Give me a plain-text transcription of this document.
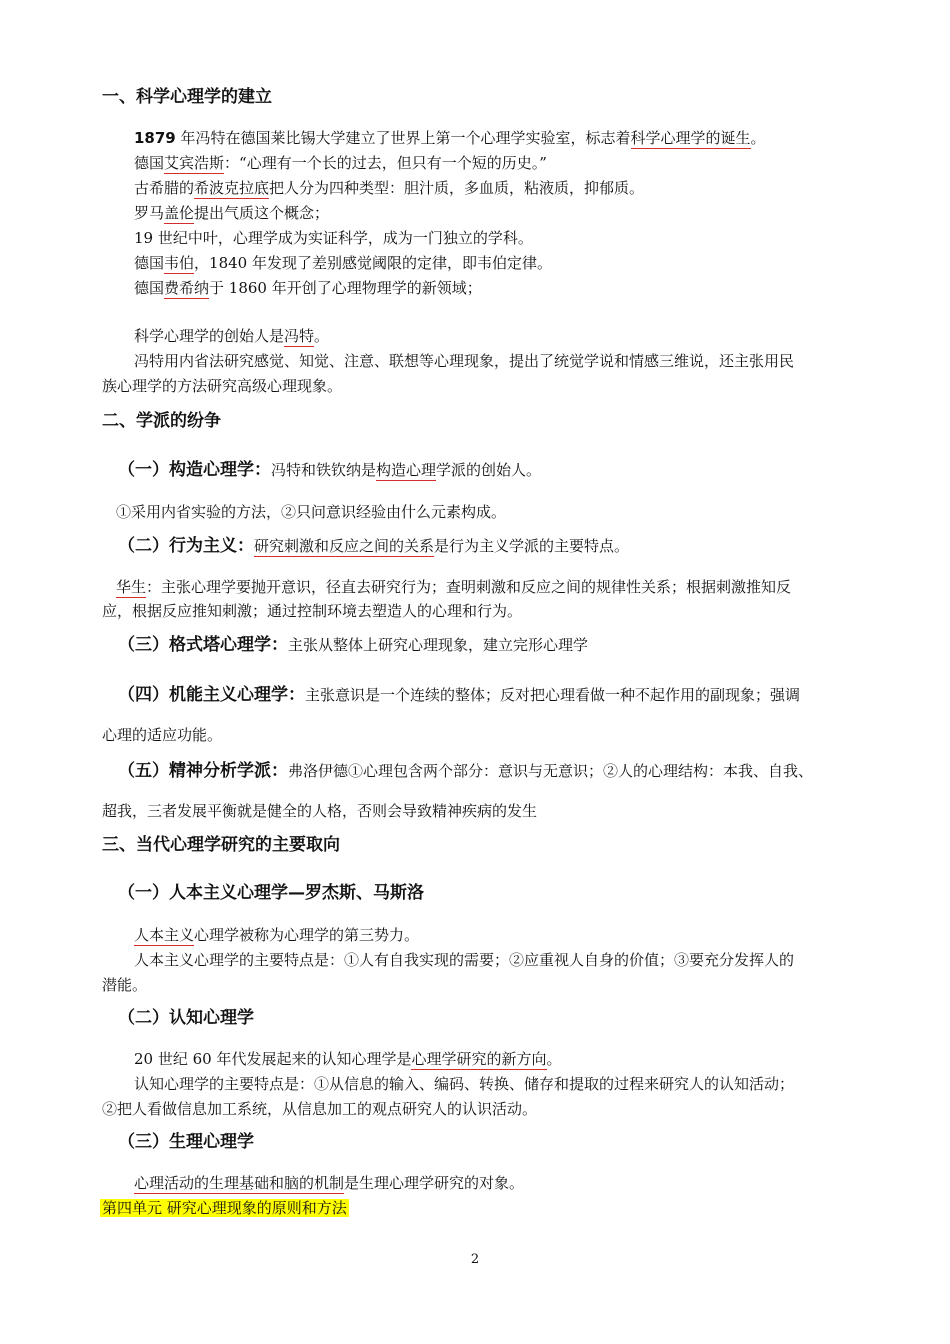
一、科学心理学的建立
1879 年冯特在德国莱比锡大学建立了世界上第一个心理学实验室，标志着科学心理学的诞生。
德国艾宾浩斯：“心理有一个长的过去，但只有一个短的历史。”
古希腊的希波克拉底把人分为四种类型：胆汁质，多血质，粘液质，抑郁质。
罗马盖伦提出气质这个概念；
19 世纪中叶，心理学成为实证科学，成为一门独立的学科。
德国韦伯，1840 年发现了差别感觉阈限的定律，即韦伯定律。
德国费希纳于 1860 年开创了心理物理学的新领域；
科学心理学的创始人是冯特。
冯特用内省法研究感觉、知觉、注意、联想等心理现象，提出了统觉学说和情感三维说，还主张用民
族心理学的方法研究高级心理现象。
二、学派的纷争
（一）构造心理学：冯特和铁钦纳是构造心理学派的创始人。
①采用内省实验的方法，②只问意识经验由什么元素构成。
（二）行为主义：研究刺激和反应之间的关系是行为主义学派的主要特点。
华生：主张心理学要抛开意识，径直去研究行为；查明刺激和反应之间的规律性关系；根据刺激推知反
应，根据反应推知刺激；通过控制环境去塑造人的心理和行为。
（三）格式塔心理学：主张从整体上研究心理现象，建立完形心理学
（四）机能主义心理学：主张意识是一个连续的整体；反对把心理看做一种不起作用的副现象；强调
心理的适应功能。
（五）精神分析学派：弗洛伊德①心理包含两个部分：意识与无意识；②人的心理结构：本我、自我、
超我，三者发展平衡就是健全的人格，否则会导致精神疾病的发生
三、当代心理学研究的主要取向
（一）人本主义心理学—罗杰斯、马斯洛
人本主义心理学被称为心理学的第三势力。
人本主义心理学的主要特点是：①人有自我实现的需要；②应重视人自身的价值；③要充分发挥人的
潜能。
（二）认知心理学
20 世纪 60 年代发展起来的认知心理学是心理学研究的新方向。
认知心理学的主要特点是：①从信息的输入、编码、转换、储存和提取的过程来研究人的认知活动；
②把人看做信息加工系统，从信息加工的观点研究人的认识活动。
（三）生理心理学
心理活动的生理基础和脑的机制是生理心理学研究的对象。
第四单元 研究心理现象的原则和方法
2
